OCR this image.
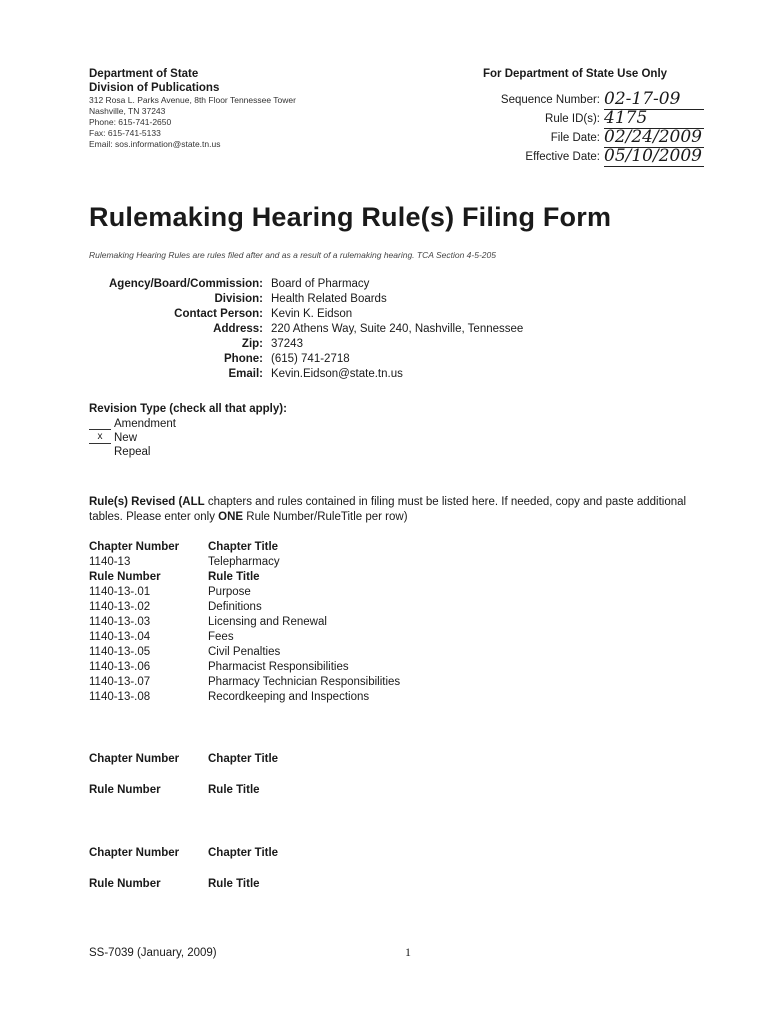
Department of State
Division of Publications
312 Rosa L. Parks Avenue, 8th Floor Tennessee Tower
Nashville, TN 37243
Phone: 615-741-2650
Fax: 615-741-5133
Email: sos.information@state.tn.us
For Department of State Use Only
Sequence Number: 02-17-09
Rule ID(s): 4175
File Date: 02/24/2009
Effective Date: 05/10/2009
Rulemaking Hearing Rule(s) Filing Form
Rulemaking Hearing Rules are rules filed after and as a result of a rulemaking hearing. TCA Section 4-5-205
Agency/Board/Commission: Board of Pharmacy
Division: Health Related Boards
Contact Person: Kevin K. Eidson
Address: 220 Athens Way, Suite 240, Nashville, Tennessee
Zip: 37243
Phone: (615) 741-2718
Email: Kevin.Eidson@state.tn.us
Revision Type (check all that apply):
Amendment
x	New
Repeal
Rule(s) Revised (ALL chapters and rules contained in filing must be listed here. If needed, copy and paste additional tables. Please enter only ONE Rule Number/RuleTitle per row)
Chapter Number	Chapter Title
1140-13	Telepharmacy
Rule Number	Rule Title
1140-13-.01	Purpose
1140-13-.02	Definitions
1140-13-.03	Licensing and Renewal
1140-13-.04	Fees
1140-13-.05	Civil Penalties
1140-13-.06	Pharmacist Responsibilities
1140-13-.07	Pharmacy Technician Responsibilities
1140-13-.08	Recordkeeping and Inspections
Chapter Number	Chapter Title
Rule Number	Rule Title
Chapter Number	Chapter Title
Rule Number	Rule Title
SS-7039 (January, 2009)	1
